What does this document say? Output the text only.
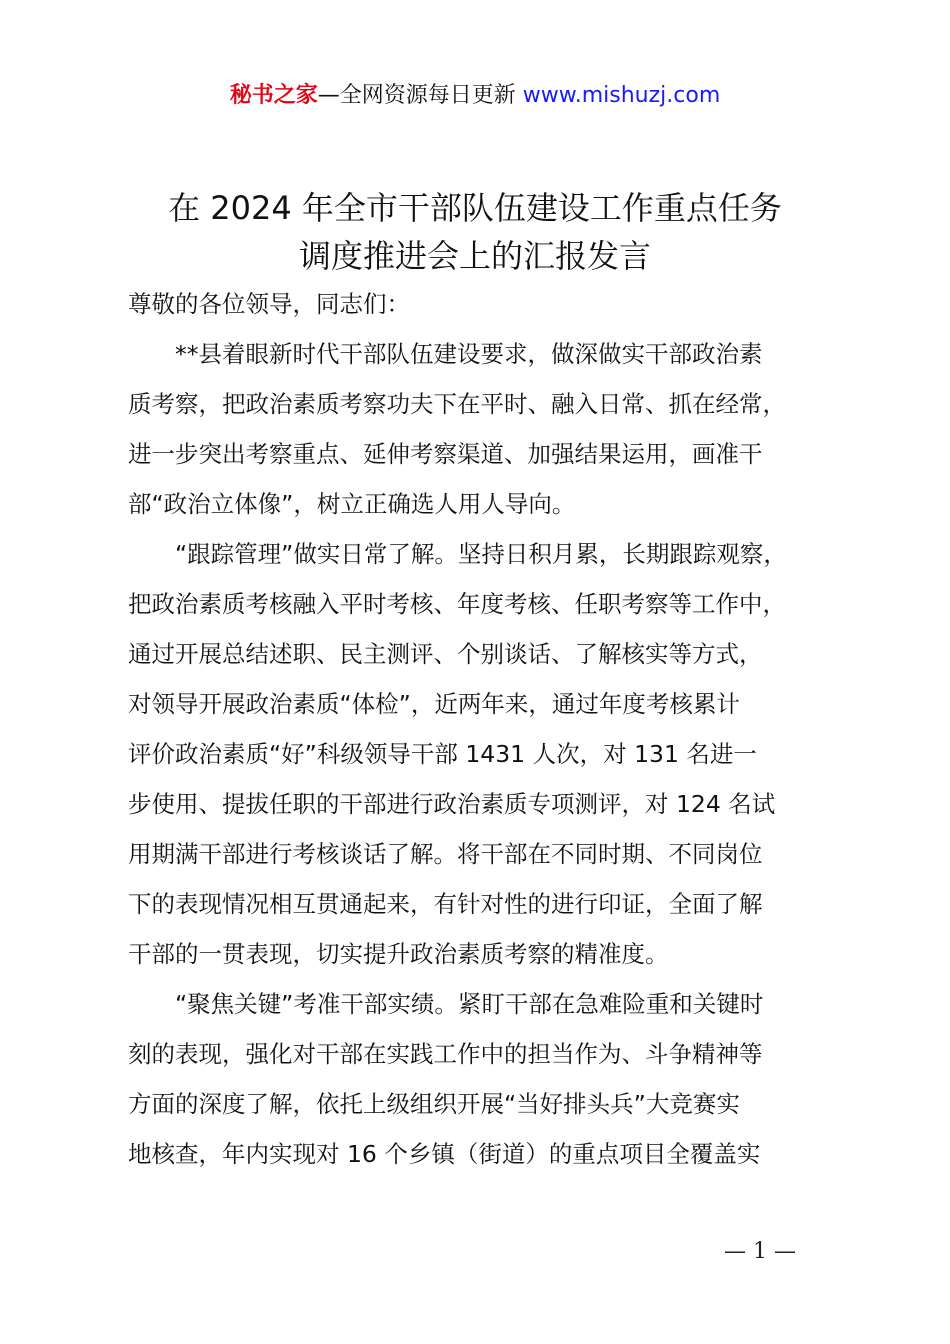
秘书之家—全网资源每日更新 www.mishuzj.com
在 2024 年全市干部队伍建设工作重点任务
调度推进会上的汇报发言
尊敬的各位领导，同志们：
　　**县着眼新时代干部队伍建设要求，做深做实干部政治素
质考察，把政治素质考察功夫下在平时、融入日常、抓在经常，
进一步突出考察重点、延伸考察渠道、加强结果运用，画准干
部“政治立体像”，树立正确选人用人导向。
　　“跟踪管理”做实日常了解。坚持日积月累，长期跟踪观察，
把政治素质考核融入平时考核、年度考核、任职考察等工作中，
通过开展总结述职、民主测评、个别谈话、了解核实等方式，
对领导开展政治素质“体检”，近两年来，通过年度考核累计
评价政治素质“好”科级领导干部 1431 人次，对 131 名进一
步使用、提拔任职的干部进行政治素质专项测评，对 124 名试
用期满干部进行考核谈话了解。将干部在不同时期、不同岗位
下的表现情况相互贯通起来，有针对性的进行印证，全面了解
干部的一贯表现，切实提升政治素质考察的精准度。
　　“聚焦关键”考准干部实绩。紧盯干部在急难险重和关键时
刻的表现，强化对干部在实践工作中的担当作为、斗争精神等
方面的深度了解，依托上级组织开展“当好排头兵”大竞赛实
地核查，年内实现对 16 个乡镇（街道）的重点项目全覆盖实
— 1 —
